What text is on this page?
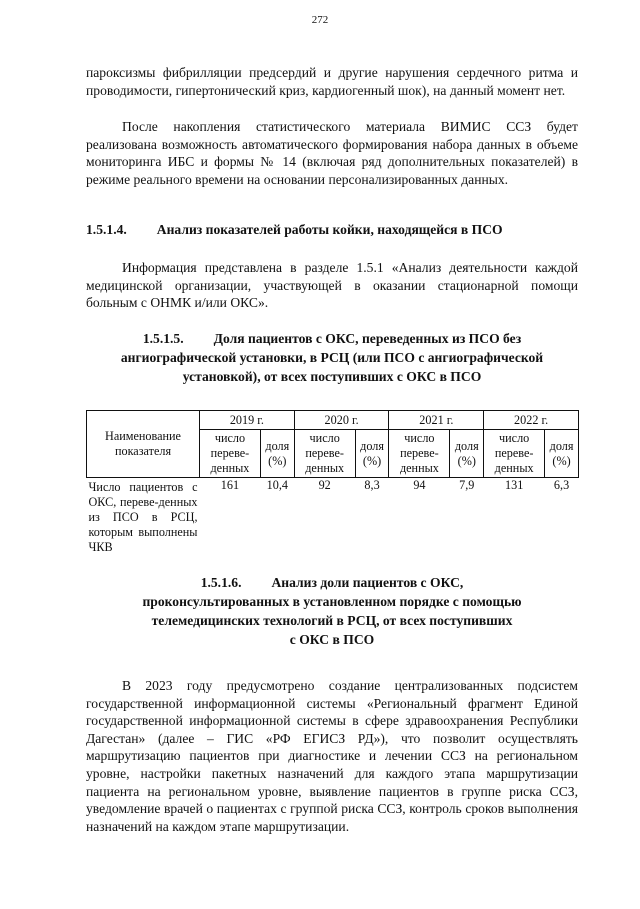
272

пароксизмы фибрилляции предсердий и другие нарушения сердечного ритма и проводимости, гипертонический криз, кардиогенный шок), на данный момент нет.

После накопления статистического материала ВИМИС ССЗ будет реализована возможность автоматического формирования набора данных в объеме мониторинга ИБС и формы № 14 (включая ряд дополнительных показателей) в режиме реального времени на основании персонализированных данных.

1.5.1.4. Анализ показателей работы койки, находящейся в ПСО

Информация представлена в разделе 1.5.1 «Анализ деятельности каждой медицинской организации, участвующей в оказании стационарной помощи больным с ОНМК и/или ОКС».

1.5.1.5. Доля пациентов с ОКС, переведенных из ПСО без
ангиографической установки, в РСЦ (или ПСО с ангиографической
установкой), от всех поступивших с ОКС в ПСО
Наименование показателя	2019 г.		2020 г.		2021 г.		2022 г.	
	число переве-денных	доля (%)	число переве-денных	доля (%)	число переве-денных	доля (%)	число переве-денных	доля (%)
Число пациентов с ОКС, переве-денных из ПСО в РСЦ, которым выполнены ЧКВ	161	10,4	92	8,3	94	7,9	131	6,3
1.5.1.6. Анализ доли пациентов с ОКС,
проконсультированных в установленном порядке с помощью
телемедицинских технологий в РСЦ, от всех поступивших
с ОКС в ПСО

В 2023 году предусмотрено создание централизованных подсистем государственной информационной системы «Региональный фрагмент Единой государственной информационной системы в сфере здравоохранения Республики Дагестан» (далее – ГИС «РФ ЕГИСЗ РД»), что позволит осуществлять маршрутизацию пациентов при диагностике и лечении ССЗ на региональном уровне, настройки пакетных назначений для каждого этапа маршрутизации пациента на региональном уровне, выявление пациентов в группе риска ССЗ, уведомление врачей о пациентах с группой риска ССЗ, контроль сроков выполнения назначений на каждом этапе маршрутизации.
